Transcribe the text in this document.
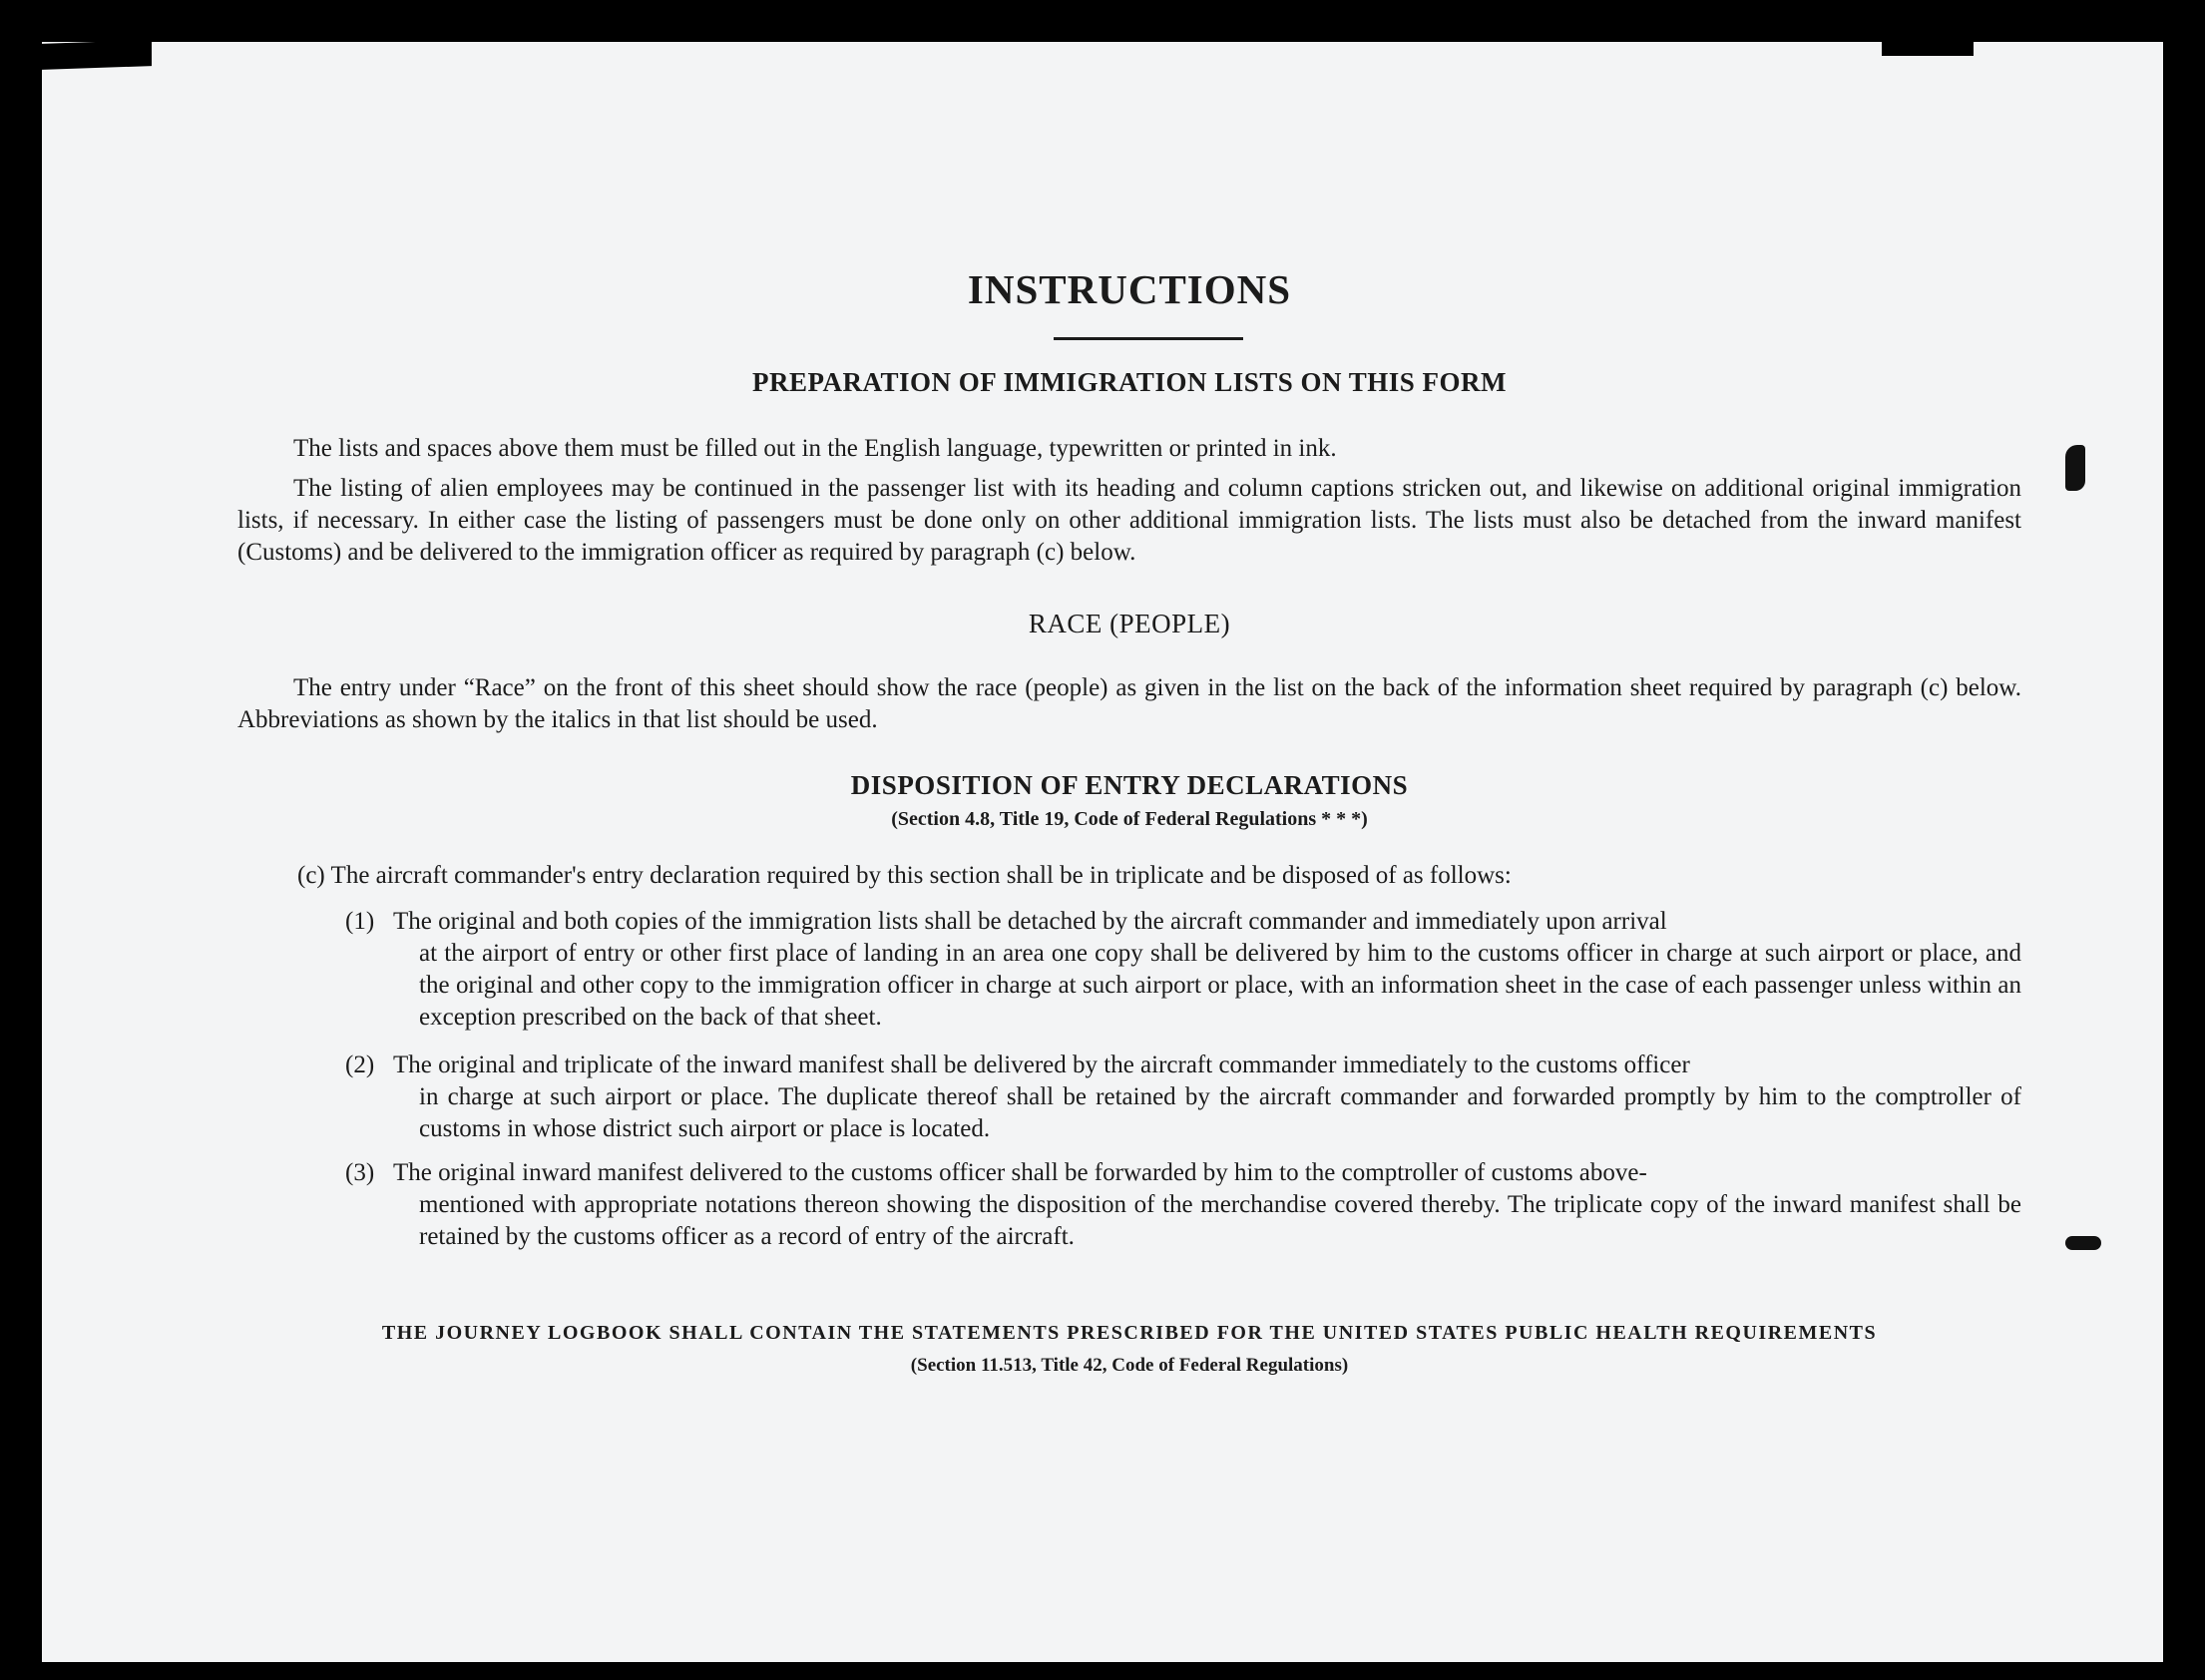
INSTRUCTIONS
PREPARATION OF IMMIGRATION LISTS ON THIS FORM
The lists and spaces above them must be filled out in the English language, typewritten or printed in ink.
The listing of alien employees may be continued in the passenger list with its heading and column captions stricken out, and likewise on additional original immigration lists, if necessary. In either case the listing of passengers must be done only on other additional immigration lists. The lists must also be detached from the inward manifest (Customs) and be delivered to the immigration officer as required by paragraph (c) below.
RACE (PEOPLE)
The entry under “Race” on the front of this sheet should show the race (people) as given in the list on the back of the information sheet required by paragraph (c) below. Abbreviations as shown by the italics in that list should be used.
DISPOSITION OF ENTRY DECLARATIONS
(Section 4.8, Title 19, Code of Federal Regulations * * *)
(c) The aircraft commander's entry declaration required by this section shall be in triplicate and be disposed of as follows:
(1) The original and both copies of the immigration lists shall be detached by the aircraft commander and immediately upon arrival
at the airport of entry or other first place of landing in an area one copy shall be delivered by him to the customs officer in charge at such airport or place, and the original and other copy to the immigration officer in charge at such airport or place, with an information sheet in the case of each passenger unless within an exception prescribed on the back of that sheet.
(2) The original and triplicate of the inward manifest shall be delivered by the aircraft commander immediately to the customs officer
in charge at such airport or place. The duplicate thereof shall be retained by the aircraft commander and forwarded promptly by him to the comptroller of customs in whose district such airport or place is located.
(3) The original inward manifest delivered to the customs officer shall be forwarded by him to the comptroller of customs above-
mentioned with appropriate notations thereon showing the disposition of the merchandise covered thereby. The triplicate copy of the inward manifest shall be retained by the customs officer as a record of entry of the aircraft.
THE JOURNEY LOGBOOK SHALL CONTAIN THE STATEMENTS PRESCRIBED FOR THE UNITED STATES PUBLIC HEALTH REQUIREMENTS
(Section 11.513, Title 42, Code of Federal Regulations)
